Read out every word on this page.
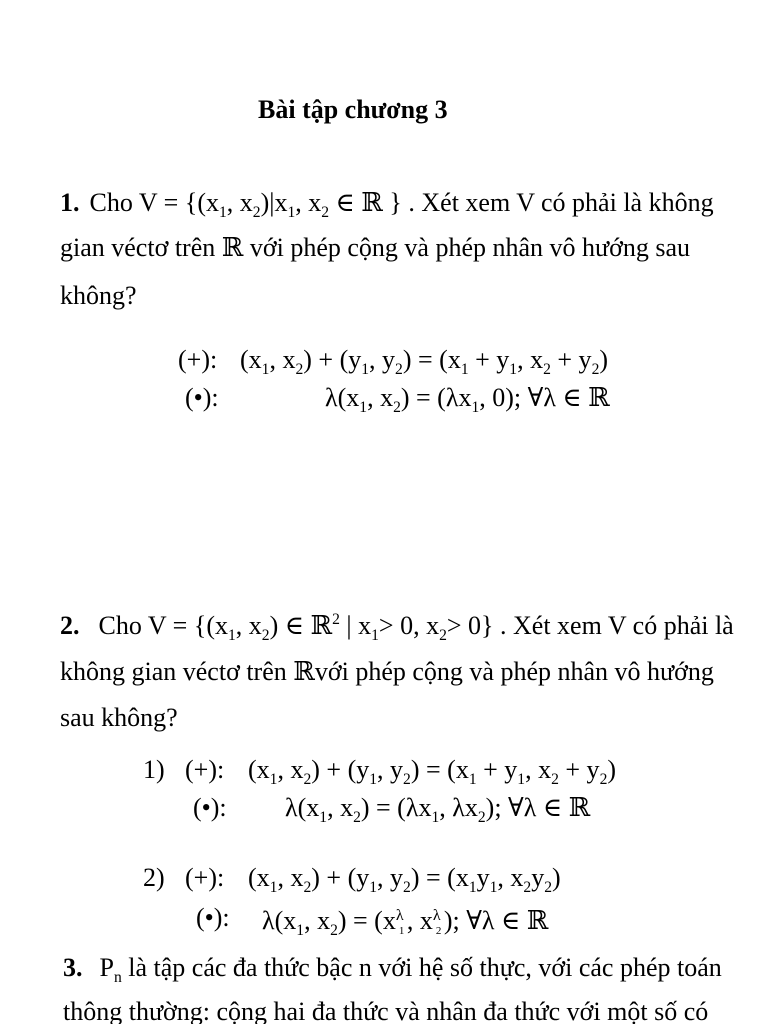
Bài tập chương 3
1. Cho $V = \{(x_1$, $x_2)|x_1$, $x_2$ ∈ ℝ } . Xét xem V có phải là không
gian véctơ trên ℝ với phép cộng và phép nhân vô hướng sau
không?
(+): ($x_1$, $x_2) + (y_1$, $y_2) = (x_1 + y_1$, $x_2 + y_2$)
(•):	$\lambda(x_1$, $x_2) = (\lambda x_1$, 0); ∀λ ∈ ℝ
2. Cho $V = \{(x_1$, $x_2$) ∈ ℝ$^2$ | $x_1> 0$, $x_2> 0$} . Xét xem V có phải là
không gian véctơ trên ℝvới phép cộng và phép nhân vô hướng
sau không?
1) (+): ($x_1$, $x_2) + (y_1$, $y_2) = (x_1 + y_1$, $x_2 + y_2$)
(•): $\lambda(x_1$, $x_2) = (\lambda x_1$, $\lambda x_2$); ∀λ ∈ ℝ
2) (+): ($x_1$, $x_2) + (y_1$, $y_2) = (x_1y_1$, $x_2y_2$)
(•): $\lambda(x_1$, $x_2) = (x$ λ
1 , x λ
2 ); ∀λ ∈ ℝ
3. $P_n$ là tập các đa thức bậc n với hệ số thực, với các phép toán
thông thường: cộng hai đa thức và nhân đa thức với một số có
